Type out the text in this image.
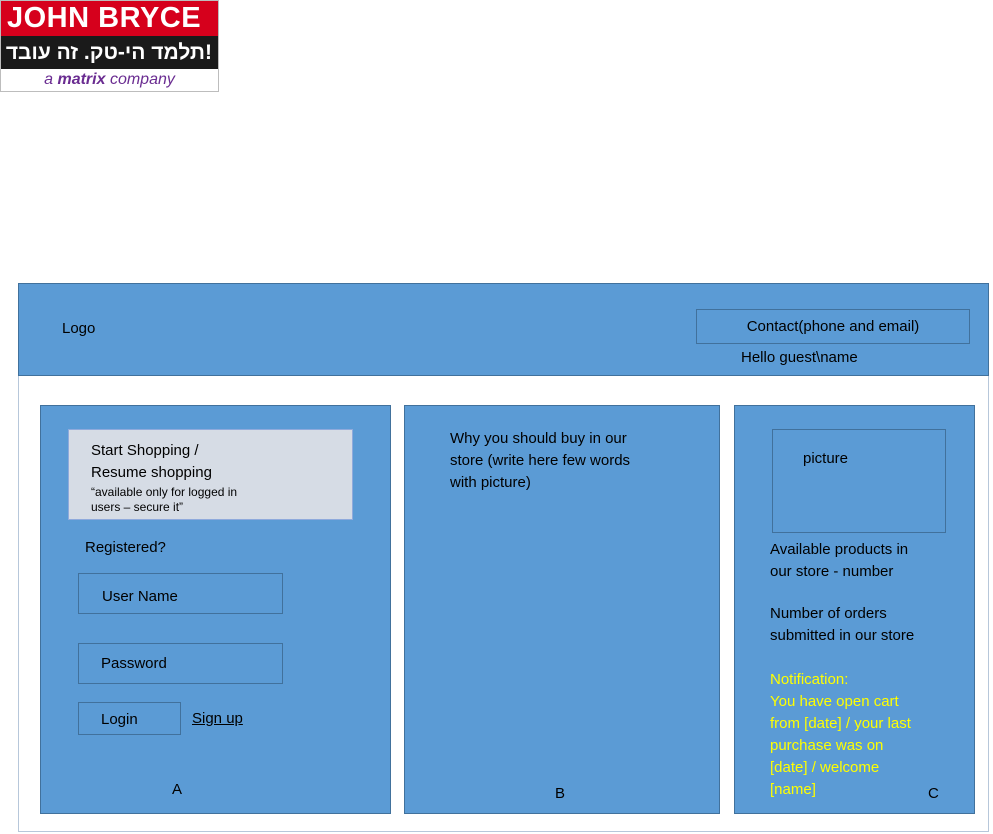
JOHN BRYCE
!תלמד הי-טק. זה עובד
a matrix company
Logo	Contact(phone and email)
Hello guest\name
Start Shopping /
Resume shopping
“available only for logged in
users – secure it”
Registered?
User Name
Password
Login	Sign up
A
Why you should buy in our
store (write here few words
with picture)
B
picture
Available products in
our store - number
Number of orders
submitted in our store
Notification:
You have open cart
from [date] / your last
purchase was on
[date] / welcome
[name]	C
